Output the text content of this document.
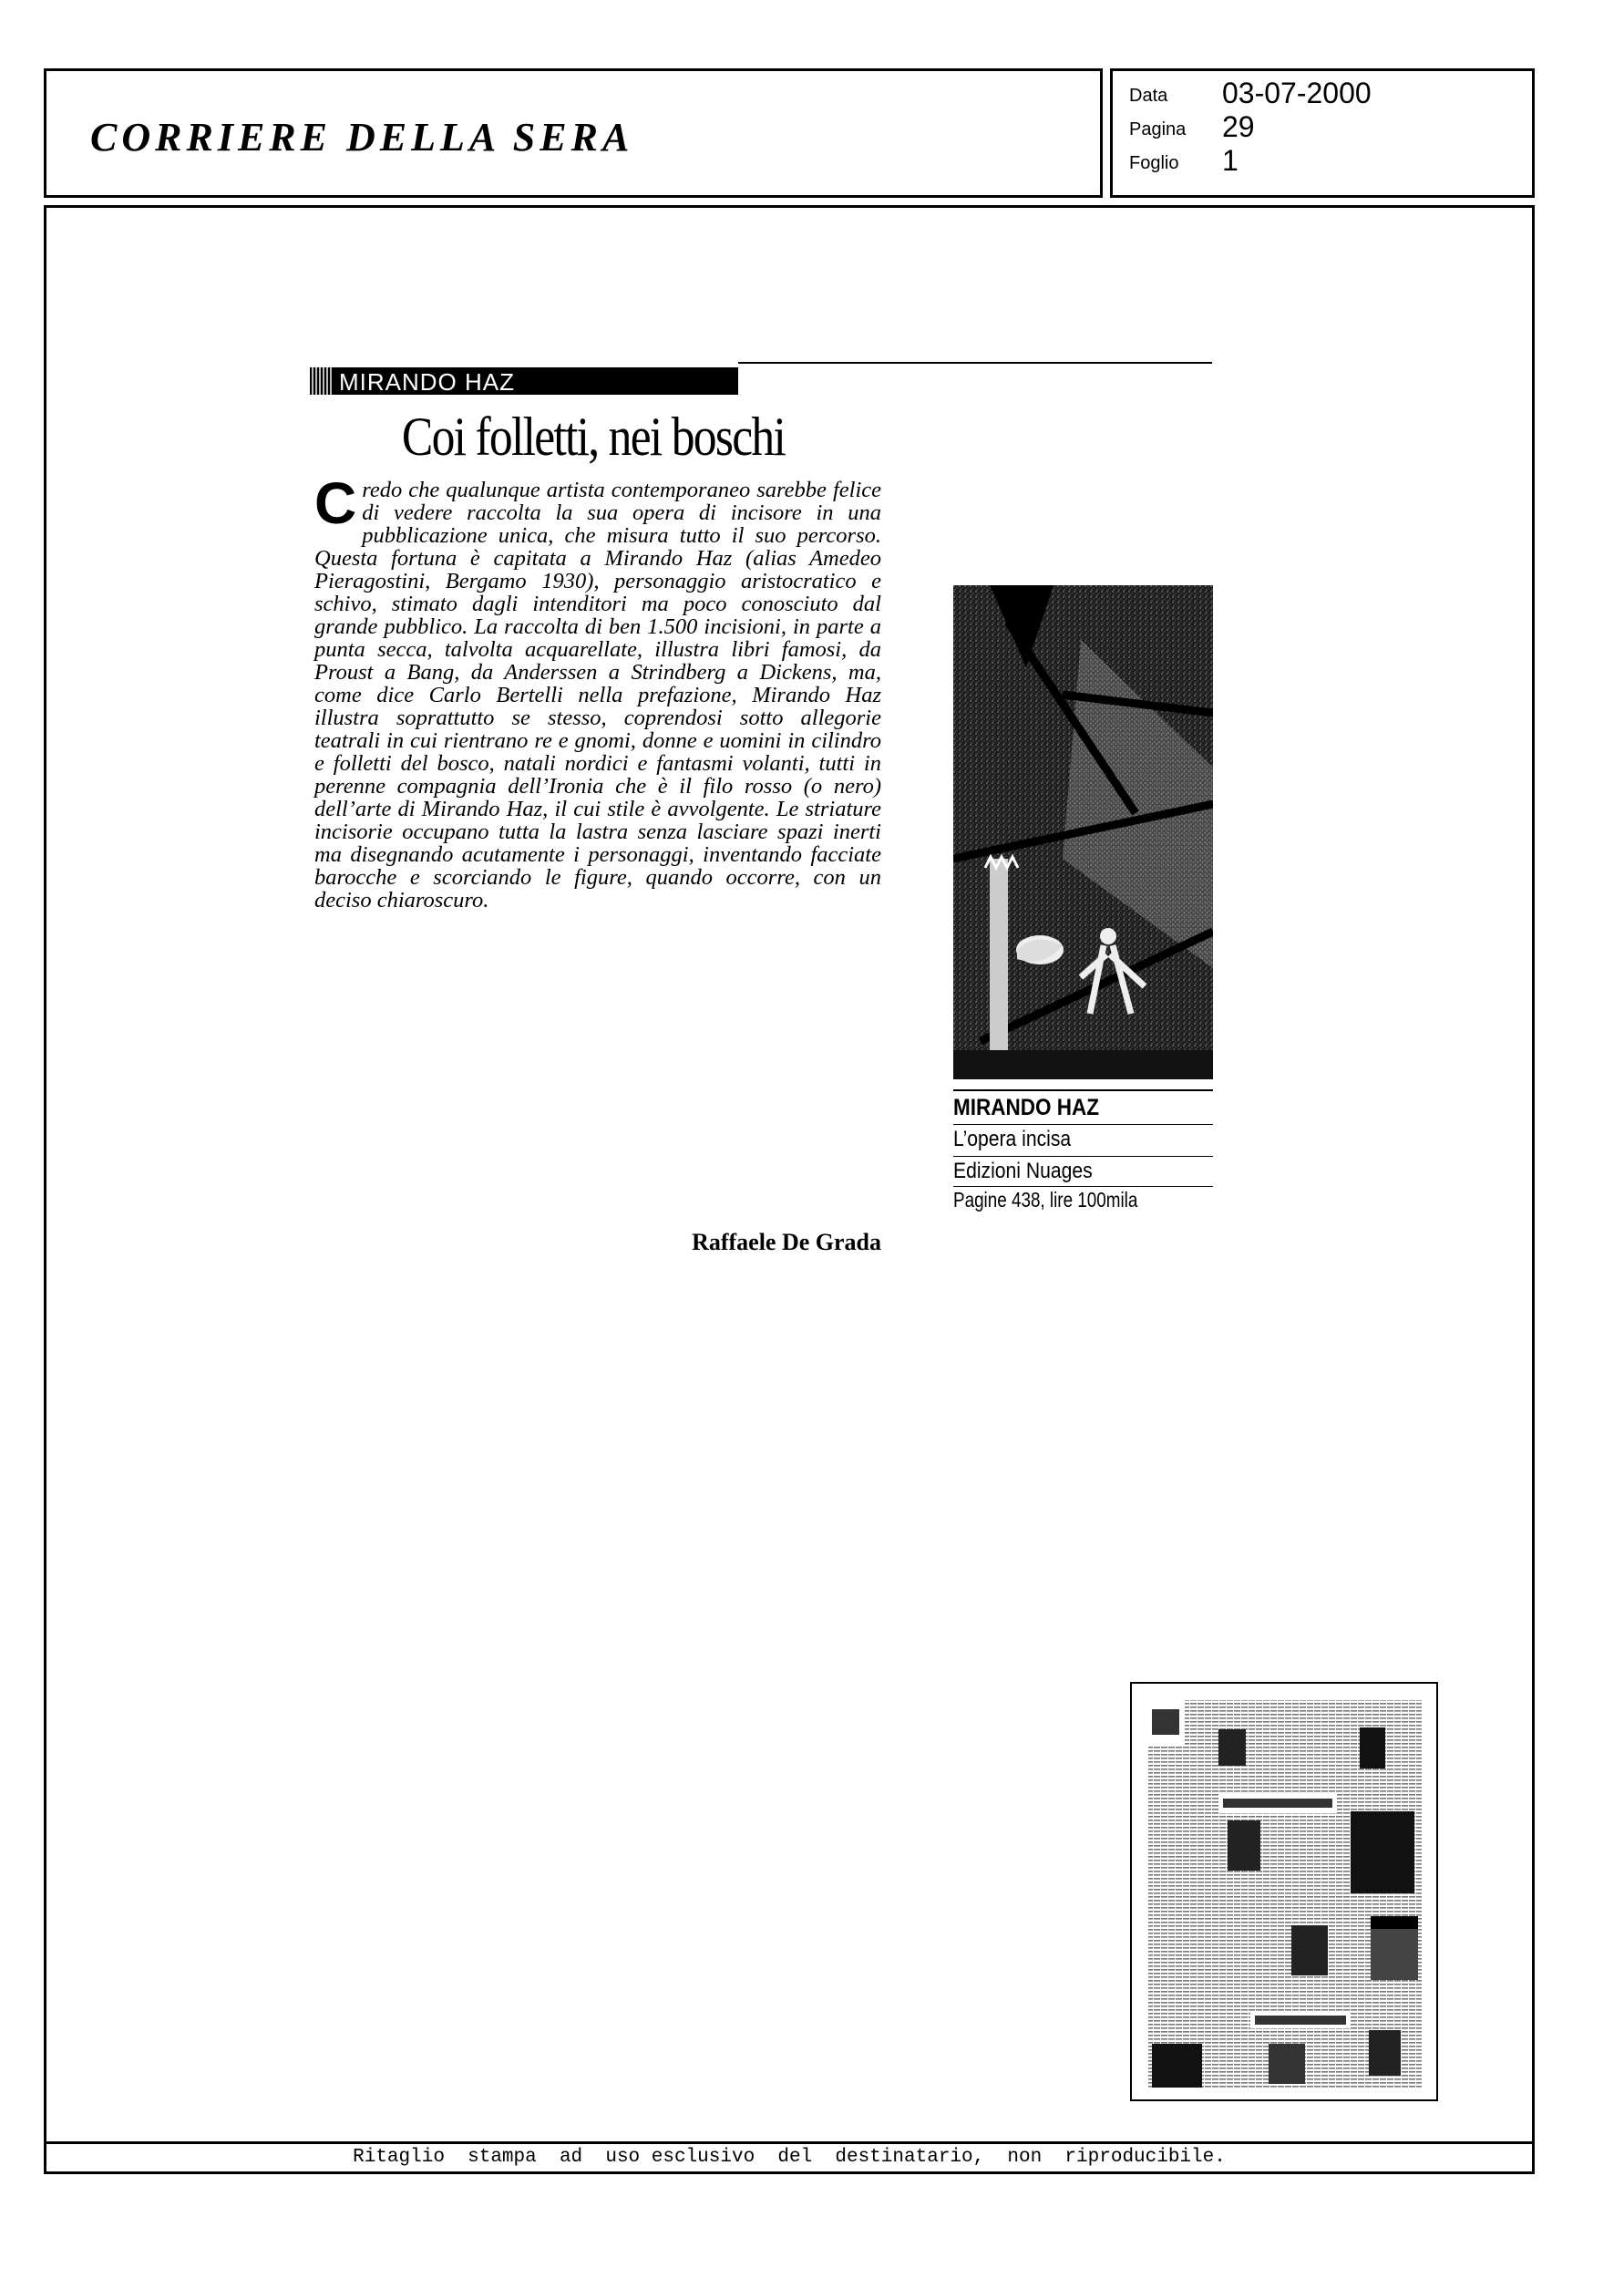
CORRIERE DELLA SERA
Data 03-07-2000
Pagina 29
Foglio 1
Ritaglio  stampa  ad  uso esclusivo  del  destinatario,  non  riproducibile.
MIRANDO HAZ
Coi folletti, nei boschi
Credo che qualunque artista contemporaneo sarebbe felice di vedere raccolta la sua opera di incisore in una pubblicazione unica, che misura tutto il suo percorso. Questa fortuna è capitata a Mirando Haz (alias Amedeo Pieragostini, Bergamo 1930), personaggio aristocratico e schivo, stimato dagli intenditori ma poco conosciuto dal grande pubblico. La raccolta di ben 1.500 incisioni, in parte a punta secca, talvolta acquarellate, illustra libri famosi, da Proust a Bang, da Anderssen a Strindberg a Dickens, ma, come dice Carlo Bertelli nella prefazione, Mirando Haz illustra soprattutto se stesso, coprendosi sotto allegorie teatrali in cui rientrano re e gnomi, donne e uomini in cilindro e folletti del bosco, natali nordici e fantasmi volanti, tutti in perenne compagnia dell’Ironia che è il filo rosso (o nero) dell’arte di Mirando Haz, il cui stile è avvolgente. Le striature incisorie occupano tutta la lastra senza lasciare spazi inerti ma disegnando acutamente i personaggi, inventando facciate barocche e scorciando le figure, quando occorre, con un deciso chiaroscuro.
Raffaele De Grada
MIRANDO HAZ
L’opera incisa
Edizioni Nuages
Pagine 438, lire 100mila
